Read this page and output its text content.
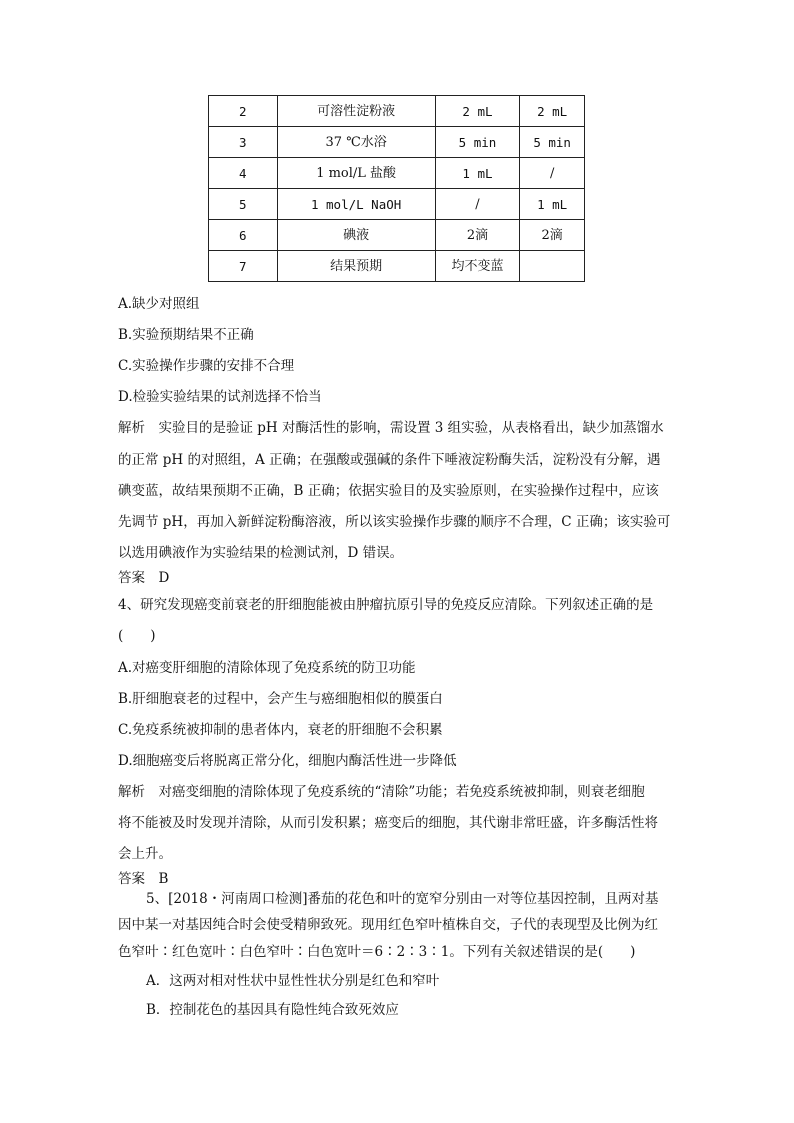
2	可溶性淀粉液	2 mL	2 mL
3	37 ℃水浴	5 min	5 min
4	1 mol/L 盐酸	1 mL	/
5	1 mol/L NaOH	/	1 mL
6	碘液	2滴	2滴
7	结果预期	均不变蓝	
A.缺少对照组
B.实验预期结果不正确
C.实验操作步骤的安排不合理
D.检验实验结果的试剂选择不恰当
解析　实验目的是验证 pH 对酶活性的影响，需设置 3 组实验，从表格看出，缺少加蒸馏水
的正常 pH 的对照组，A 正确；在强酸或强碱的条件下唾液淀粉酶失活，淀粉没有分解，遇
碘变蓝，故结果预期不正确，B 正确；依据实验目的及实验原则，在实验操作过程中，应该
先调节 pH，再加入新鲜淀粉酶溶液，所以该实验操作步骤的顺序不合理，C 正确；该实验可
以选用碘液作为实验结果的检测试剂，D 错误。
答案　D
4、研究发现癌变前衰老的肝细胞能被由肿瘤抗原引导的免疫反应清除。下列叙述正确的是
(　　)
A.对癌变肝细胞的清除体现了免疫系统的防卫功能
B.肝细胞衰老的过程中，会产生与癌细胞相似的膜蛋白
C.免疫系统被抑制的患者体内，衰老的肝细胞不会积累
D.细胞癌变后将脱离正常分化，细胞内酶活性进一步降低
解析　对癌变细胞的清除体现了免疫系统的“清除”功能；若免疫系统被抑制，则衰老细胞
将不能被及时发现并清除，从而引发积累；癌变后的细胞，其代谢非常旺盛，许多酶活性将
会上升。
答案　B
5、[2018・河南周口检测]番茄的花色和叶的宽窄分别由一对等位基因控制，且两对基
因中某一对基因纯合时会使受精卵致死。现用红色窄叶植株自交，子代的表现型及比例为红
色窄叶∶红色宽叶∶白色窄叶∶白色宽叶＝6∶2∶3∶1。下列有关叙述错误的是(　　)
A．这两对相对性状中显性性状分别是红色和窄叶
B．控制花色的基因具有隐性纯合致死效应
